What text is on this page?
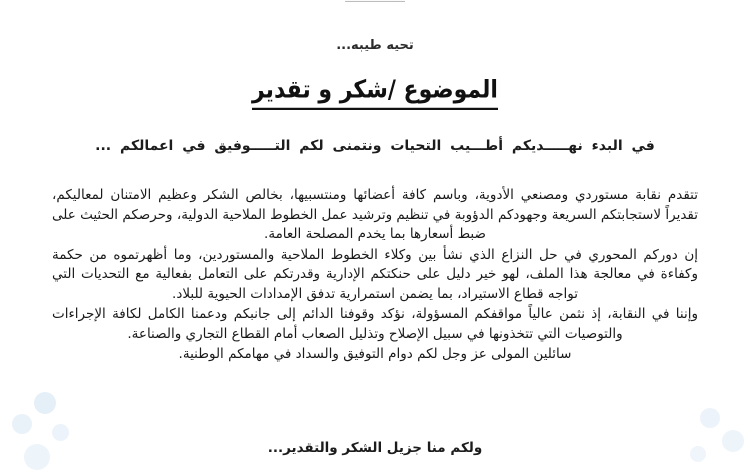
تحيه طيبه...
الموضوع /شكر و تقدير
في البدء نهـــــديكم أطـــيب التحيات ونتمنى لكم التـــــوفيق في اعمالكم ...

تتقدم نقابة مستوردي ومصنعي الأدوية، وباسم كافة أعضائها ومنتسبيها، بخالص الشكر وعظيم الامتنان لمعاليكم، تقديراً لاستجابتكم السريعة وجهودكم الدؤوبة في تنظيم وترشيد عمل الخطوط الملاحية الدولية، وحرصكم الحثيث على ضبط أسعارها بما يخدم المصلحة العامة.

إن دوركم المحوري في حل النزاع الذي نشأ بين وكلاء الخطوط الملاحية والمستوردين، وما أظهرتموه من حكمة وكفاءة في معالجة هذا الملف، لهو خير دليل على حنكتكم الإدارية وقدرتكم على التعامل بفعالية مع التحديات التي تواجه قطاع الاستيراد، بما يضمن استمرارية تدفق الإمدادات الحيوية للبلاد.

وإننا في النقابة، إذ نثمن عالياً مواقفكم المسؤولة، نؤكد وقوفنا الدائم إلى جانبكم ودعمنا الكامل لكافة الإجراءات والتوصيات التي تتخذونها في سبيل الإصلاح وتذليل الصعاب أمام القطاع التجاري والصناعة.

سائلين المولى عز وجل لكم دوام التوفيق والسداد في مهامكم الوطنية.

ولكم منا جزيل الشكر والتقدير...
